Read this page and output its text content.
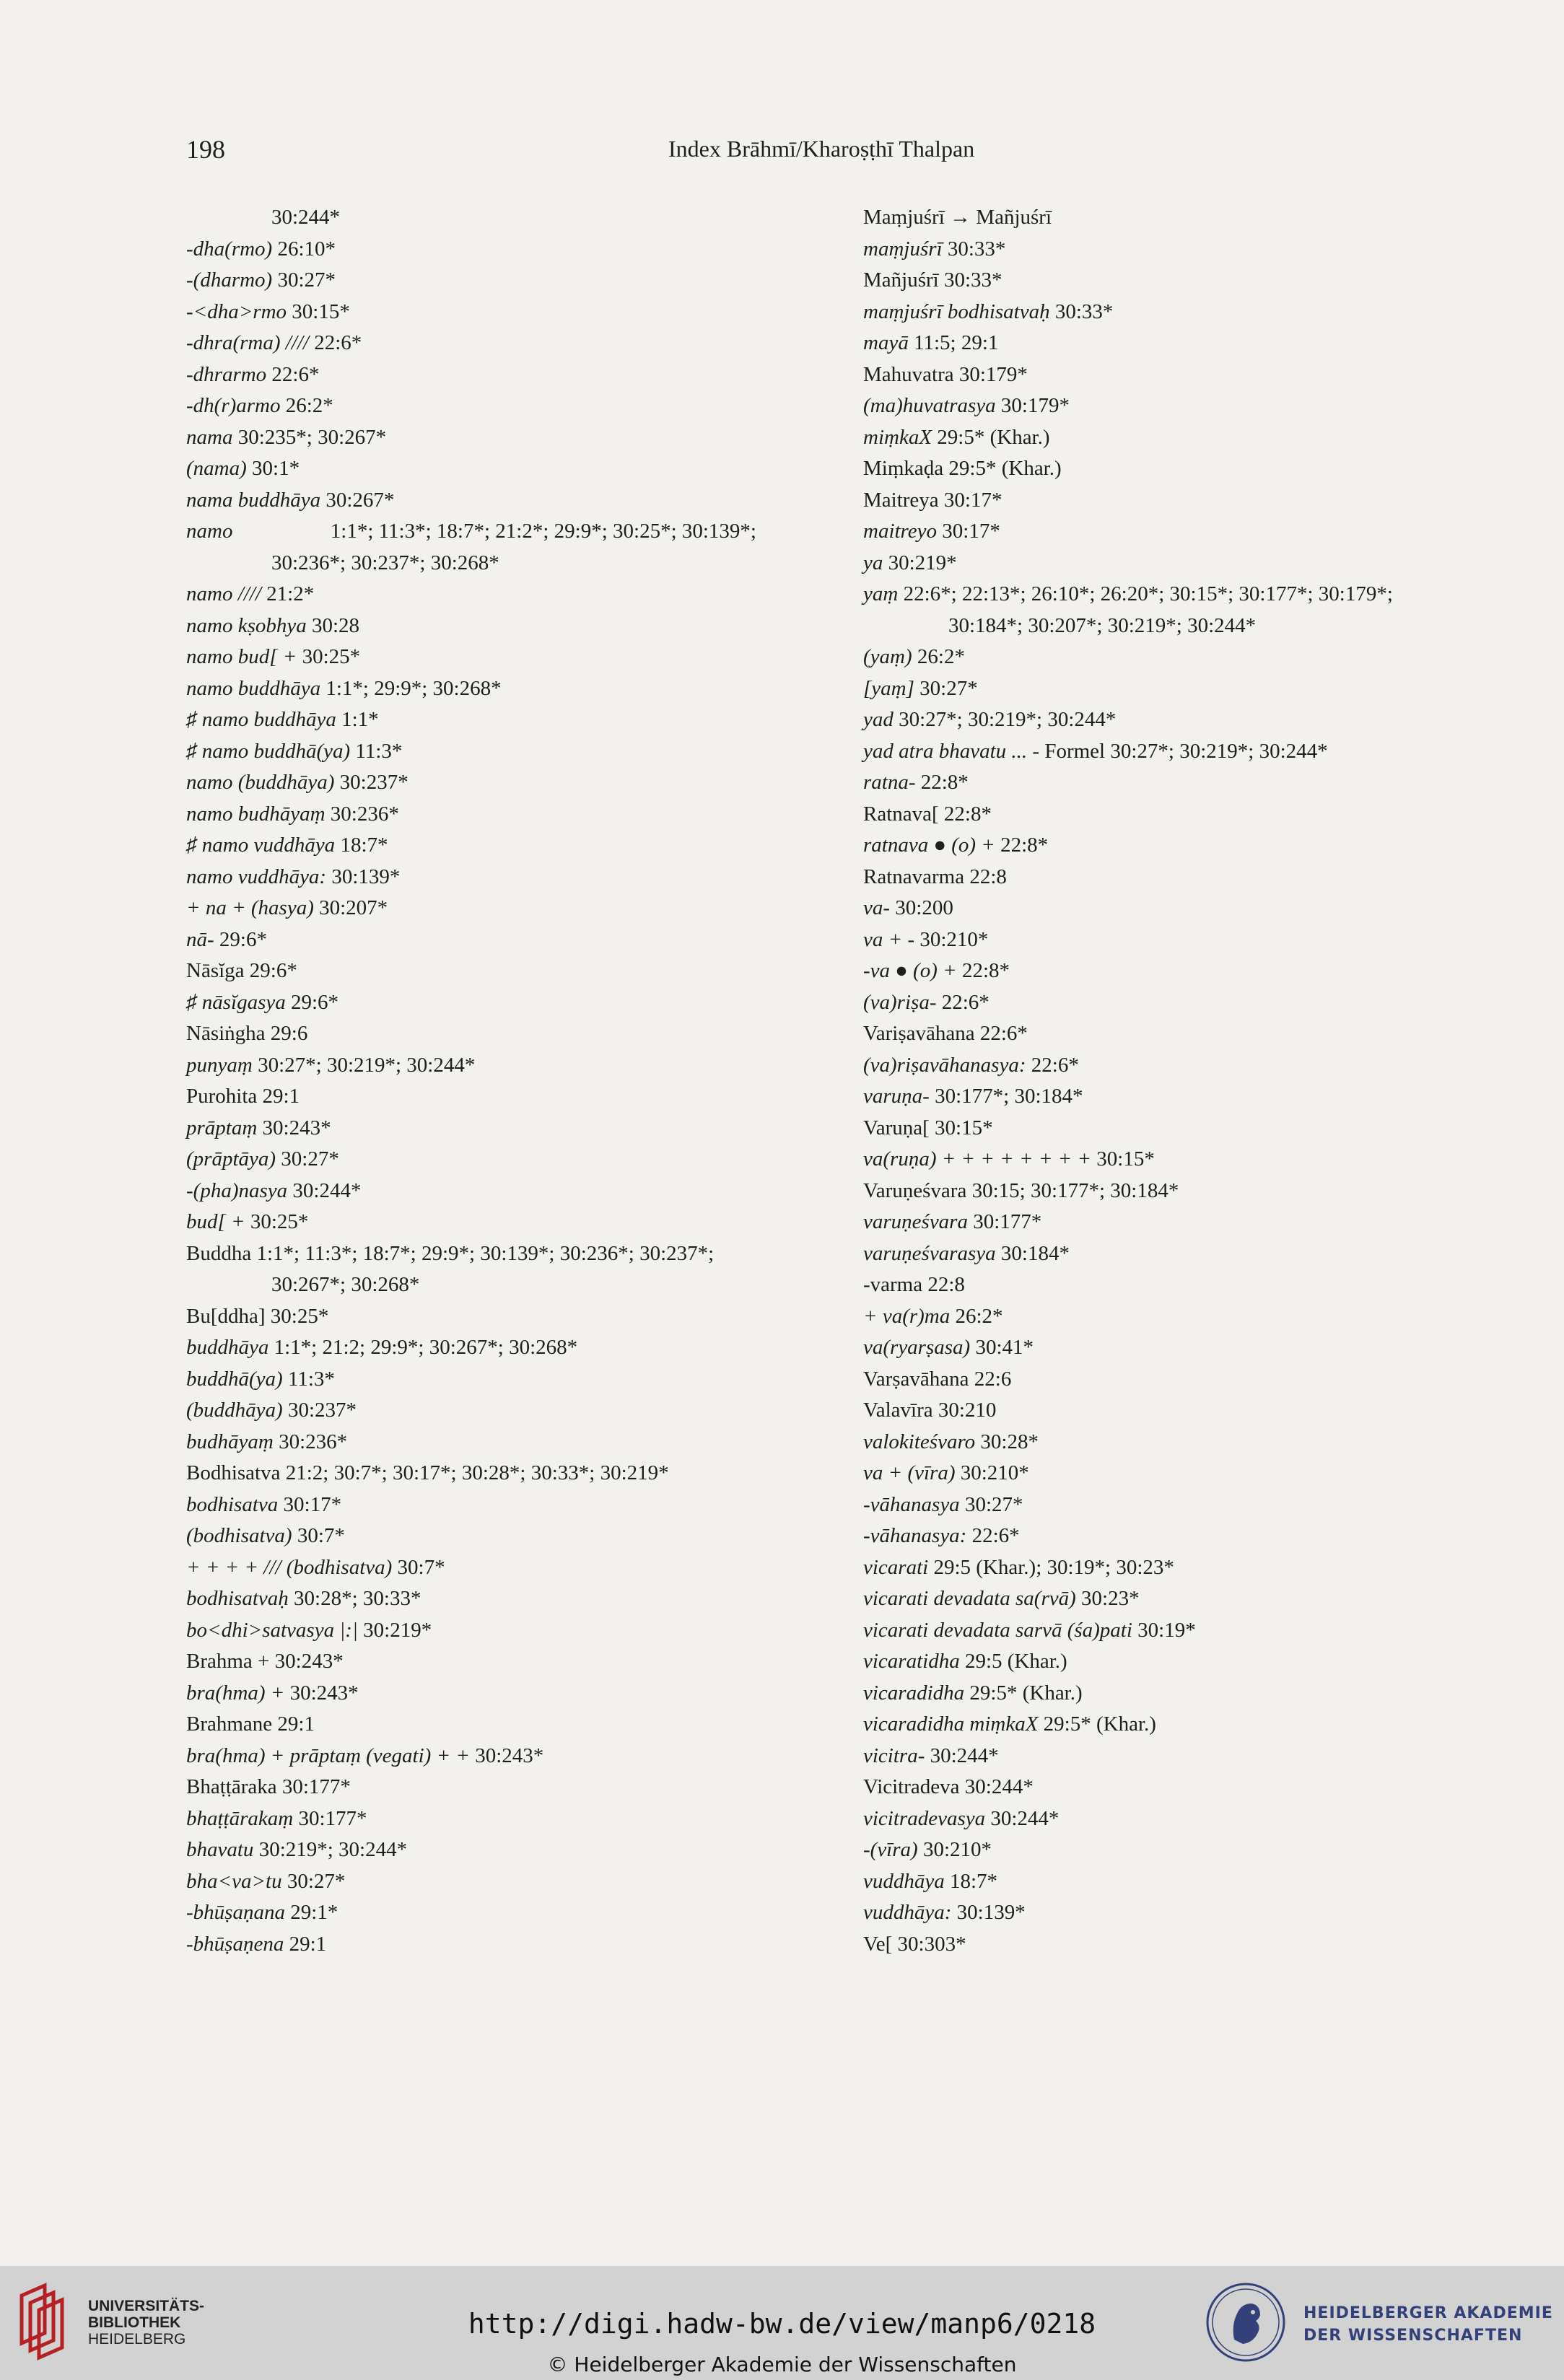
198	Index Brāhmī/Kharoṣṭhī Thalpan
30:244*
-dha(rmo) 26:10*
-(dharmo) 30:27*
-<dha>rmo 30:15*
-dhra(rma) //// 22:6*
-dhrarmo 22:6*
-dh(r)armo 26:2*
nama 30:235*; 30:267*
(nama) 30:1*
nama buddhāya 30:267*
namo	1:1*; 11:3*; 18:7*; 21:2*; 29:9*; 30:25*; 30:139*;
30:236*; 30:237*; 30:268*
namo //// 21:2*
namo kṣobhya 30:28
namo bud[ + 30:25*
namo buddhāya 1:1*; 29:9*; 30:268*
♯ namo buddhāya 1:1*
♯ namo buddhā(ya) 11:3*
namo (buddhāya) 30:237*
namo budhāyaṃ 30:236*
♯ namo vuddhāya 18:7*
namo vuddhāya: 30:139*
+ na + (hasya) 30:207*
nā- 29:6*
Nāsĭga 29:6*
♯ nāsĭgasya 29:6*
Nāsiṅgha 29:6
punyaṃ 30:27*; 30:219*; 30:244*
Purohita 29:1
prāptaṃ 30:243*
(prāptāya) 30:27*
-(pha)nasya 30:244*
bud[ + 30:25*
Buddha 1:1*; 11:3*; 18:7*; 29:9*; 30:139*; 30:236*; 30:237*;
30:267*; 30:268*
Bu[ddha] 30:25*
buddhāya 1:1*; 21:2; 29:9*; 30:267*; 30:268*
buddhā(ya) 11:3*
(buddhāya) 30:237*
budhāyaṃ 30:236*
Bodhisatva 21:2; 30:7*; 30:17*; 30:28*; 30:33*; 30:219*
bodhisatva 30:17*
(bodhisatva) 30:7*
+ + + + /// (bodhisatva) 30:7*
bodhisatvaḥ 30:28*; 30:33*
bo<dhi>satvasya |:| 30:219*
Brahma + 30:243*
bra(hma) + 30:243*
Brahmane 29:1
bra(hma) + prāptaṃ (vegati) + + 30:243*
Bhaṭṭāraka 30:177*
bhaṭṭārakaṃ 30:177*
bhavatu 30:219*; 30:244*
bha<va>tu 30:27*
-bhūṣaṇana 29:1*
-bhūṣaṇena 29:1
Maṃjuśrī → Mañjuśrī
maṃjuśrī 30:33*
Mañjuśrī 30:33*
maṃjuśrī bodhisatvaḥ 30:33*
mayā 11:5; 29:1
Mahuvatra 30:179*
(ma)huvatrasya 30:179*
miṃkaX 29:5* (Khar.)
Miṃkaḍa 29:5* (Khar.)
Maitreya 30:17*
maitreyo 30:17*
ya 30:219*
yaṃ 22:6*; 22:13*; 26:10*; 26:20*; 30:15*; 30:177*; 30:179*;
30:184*; 30:207*; 30:219*; 30:244*
(yaṃ) 26:2*
[yaṃ] 30:27*
yad 30:27*; 30:219*; 30:244*
yad atra bhavatu ... - Formel 30:27*; 30:219*; 30:244*
ratna- 22:8*
Ratnava[ 22:8*
ratnava ● (o) + 22:8*
Ratnavarma 22:8
va- 30:200
va + - 30:210*
-va ● (o) + 22:8*
(va)riṣa- 22:6*
Variṣavāhana 22:6*
(va)riṣavāhanasya: 22:6*
varuṇa- 30:177*; 30:184*
Varuṇa[ 30:15*
va(ruṇa) + + + + + + + + 30:15*
Varuṇeśvara 30:15; 30:177*; 30:184*
varuṇeśvara 30:177*
varuṇeśvarasya 30:184*
-varma 22:8
+ va(r)ma 26:2*
va(ryarṣasa) 30:41*
Varṣavāhana 22:6
Valavīra 30:210
valokiteśvaro 30:28*
va + (vīra) 30:210*
-vāhanasya 30:27*
-vāhanasya: 22:6*
vicarati 29:5 (Khar.); 30:19*; 30:23*
vicarati devadata sa(rvā) 30:23*
vicarati devadata sarvā (śa)pati 30:19*
vicaratidha 29:5 (Khar.)
vicaradidha 29:5* (Khar.)
vicaradidha miṃkaX 29:5* (Khar.)
vicitra- 30:244*
Vicitradeva 30:244*
vicitradevasya 30:244*
-(vīra) 30:210*
vuddhāya 18:7*
vuddhāya: 30:139*
Ve[ 30:303*
UNIVERSITÄTS-
BIBLIOTHEK
HEIDELBERG	http://digi.hadw-bw.de/view/manp6/0218
© Heidelberger Akademie der Wissenschaften
HEIDELBERGER AKADEMIE
DER WISSENSCHAFTEN
